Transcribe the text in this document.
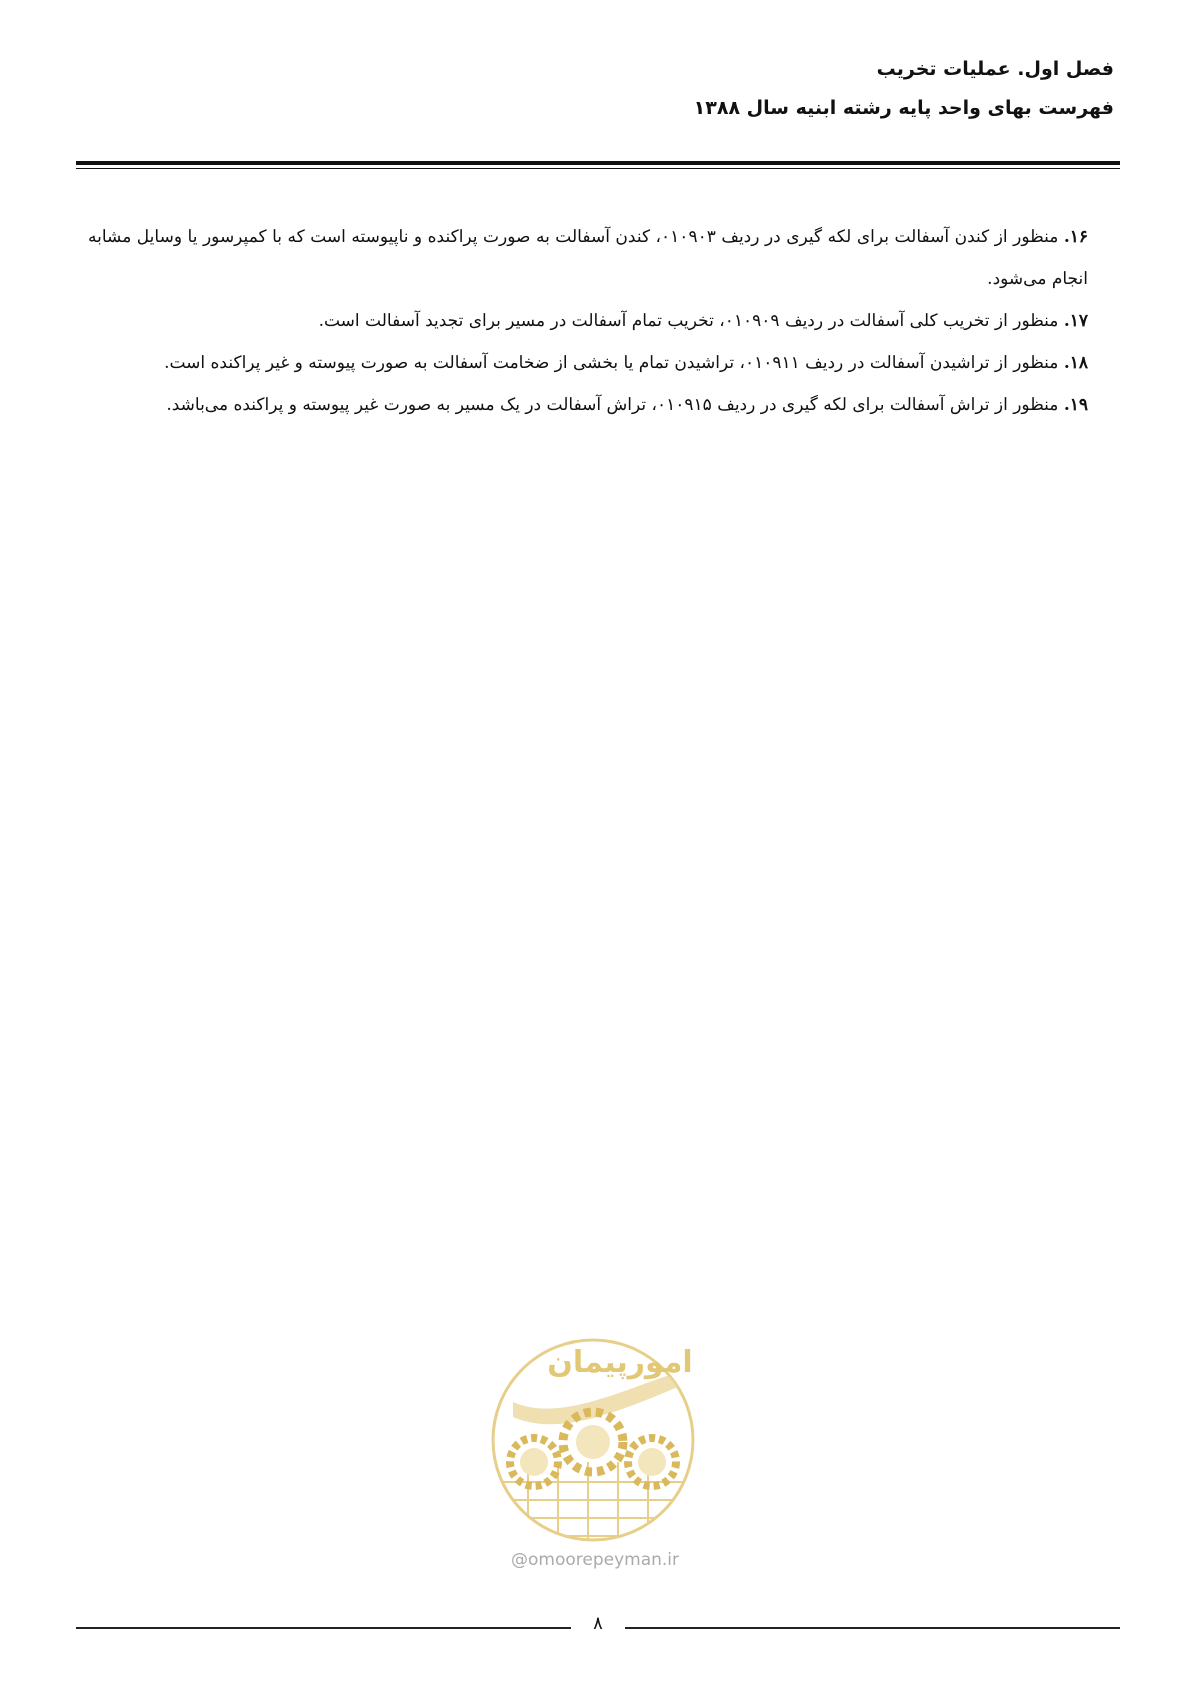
فصل اول. عملیات تخریب
فهرست بهای واحد پایه رشته ابنیه سال ۱۳۸۸

۱۶. منظور از کندن آسفالت برای لکه گیری در ردیف ۰۱۰۹۰۳، کندن آسفالت به صورت پراکنده و ناپیوسته است که با کمپرسور یا وسایل مشابه انجام می‌شود.

۱۷. منظور از تخریب کلی آسفالت در ردیف ۰۱۰۹۰۹، تخریب تمام آسفالت در مسیر برای تجدید آسفالت است.

۱۸. منظور از تراشیدن آسفالت در ردیف ۰۱۰۹۱۱، تراشیدن تمام یا بخشی از ضخامت آسفالت به صورت پیوسته و غیر پراکنده است.

۱۹. منظور از تراش آسفالت برای لکه گیری در ردیف ۰۱۰۹۱۵، تراش آسفالت در یک مسیر به صورت غیر پیوسته و پراکنده می‌باشد.

امورپیمان
@omoorepeyman.ir
۸
